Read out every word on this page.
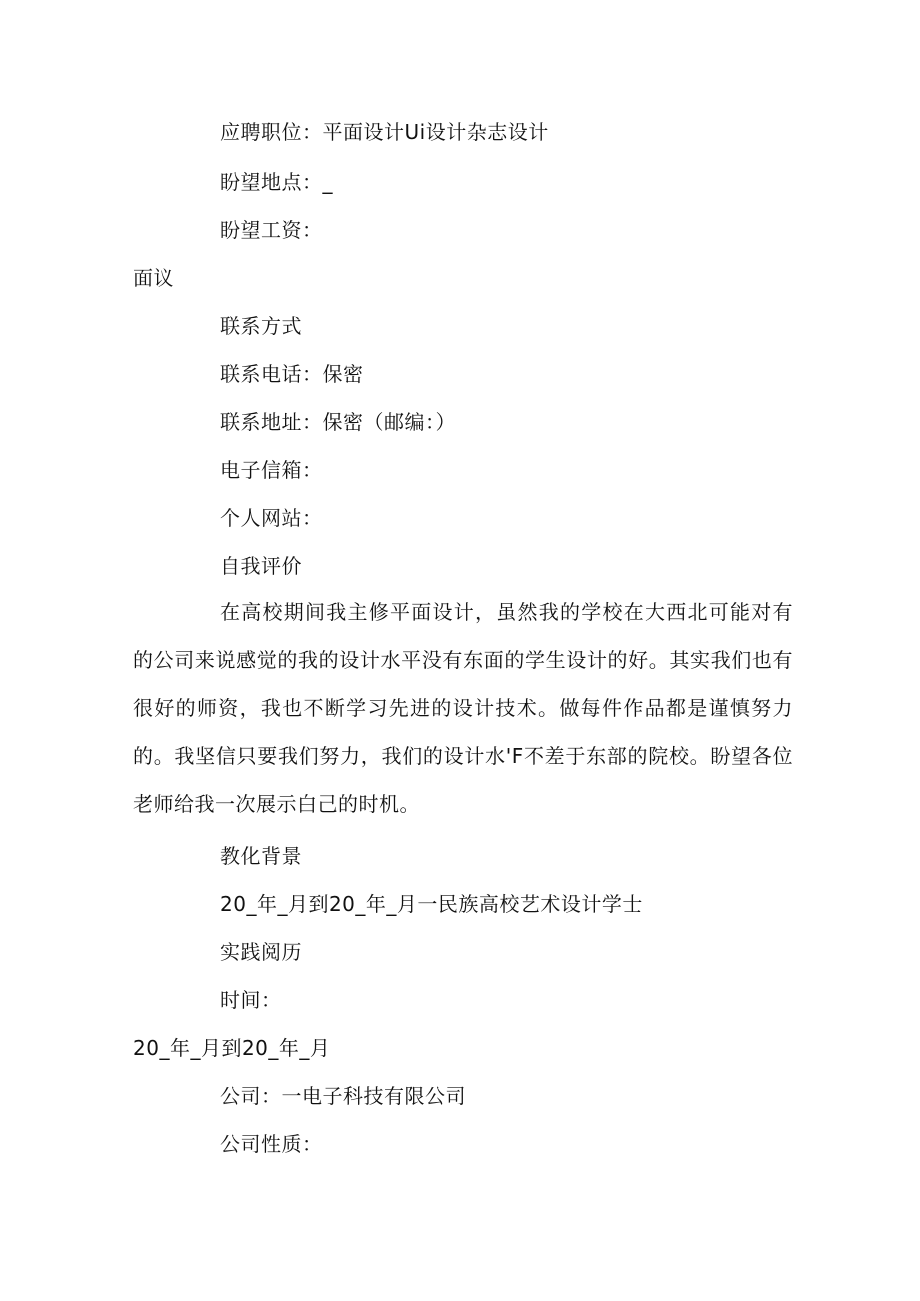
应聘职位：平面设计Ui设计杂志设计
盼望地点：_
盼望工资：
面议
联系方式
联系电话：保密
联系地址：保密（邮编：）
电子信箱：
个人网站：
自我评价
在高校期间我主修平面设计，虽然我的学校在大西北可能对有的公司来说感觉的我的设计水平没有东面的学生设计的好。其实我们也有很好的师资，我也不断学习先进的设计技术。做每件作品都是谨慎努力的。我坚信只要我们努力，我们的设计水'F不差于东部的院校。盼望各位老师给我一次展示白己的时机。
教化背景
20_年_月到20_年_月一民族高校艺术设计学士
实践阅历
时间：
20_年_月到20_年_月
公司：一电子科技有限公司
公司性质：
